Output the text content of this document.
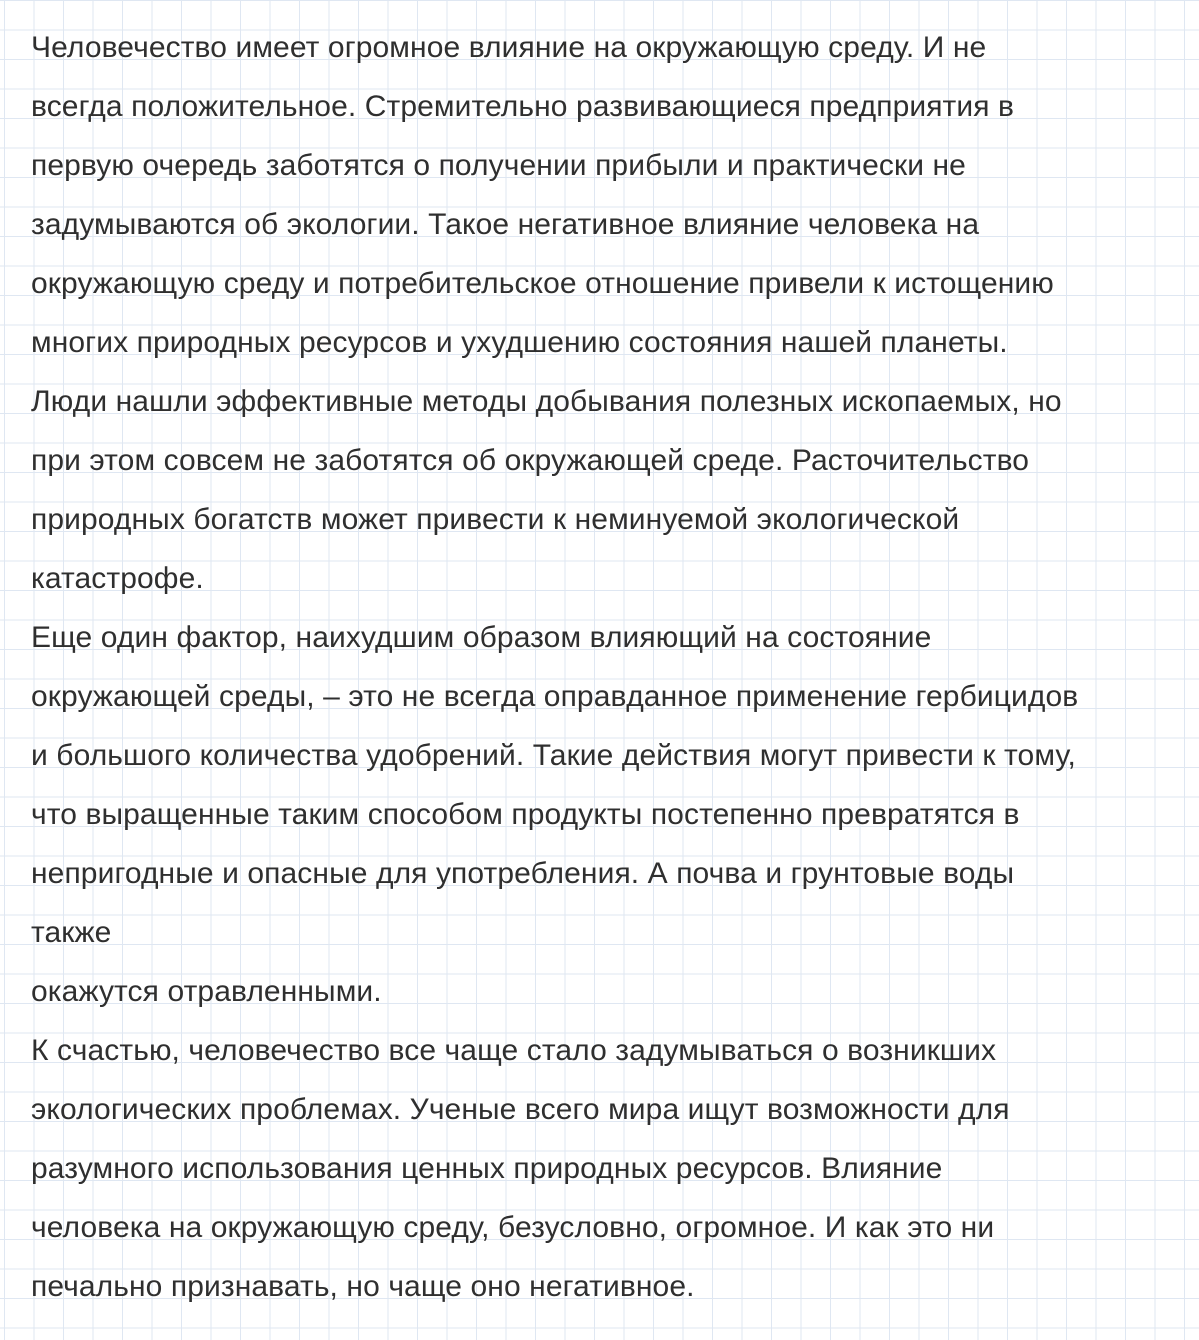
Человечество имеет огромное влияние на окружающую среду. И не
всегда положительное. Стремительно развивающиеся предприятия в
первую очередь заботятся о получении прибыли и практически не
задумываются об экологии. Такое негативное влияние человека на
окружающую среду и потребительское отношение привели к истощению
многих природных ресурсов и ухудшению состояния нашей планеты.
Люди нашли эффективные методы добывания полезных ископаемых, но
при этом совсем не заботятся об окружающей среде. Расточительство
природных богатств может привести к неминуемой экологической
катастрофе.
Еще один фактор, наихудшим образом влияющий на состояние
окружающей среды, – это не всегда оправданное применение гербицидов
и большого количества удобрений. Такие действия могут привести к тому,
что выращенные таким способом продукты постепенно превратятся в
непригодные и опасные для употребления. А почва и грунтовые воды
также
окажутся отравленными.
К счастью, человечество все чаще стало задумываться о возникших
экологических проблемах. Ученые всего мира ищут возможности для
разумного использования ценных природных ресурсов. Влияние
человека на окружающую среду, безусловно, огромное. И как это ни
печально признавать, но чаще оно негативное.
